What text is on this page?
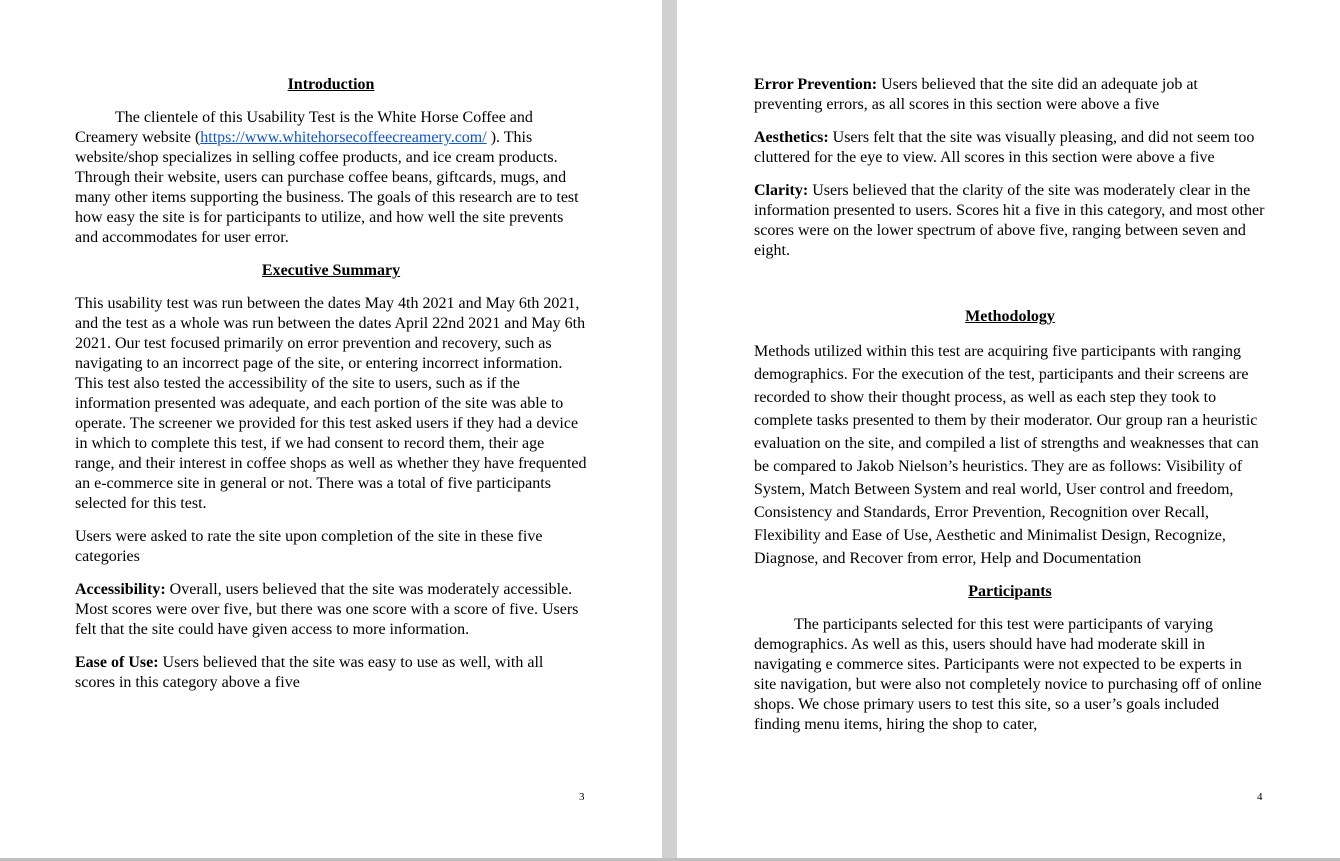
Introduction

The clientele of this Usability Test is the White Horse Coffee and Creamery website (https://www.whitehorsecoffeecreamery.com/ ). This website/shop specializes in selling coffee products, and ice cream products. Through their website, users can purchase coffee beans, giftcards, mugs, and many other items supporting the business. The goals of this research are to test how easy the site is for participants to utilize, and how well the site prevents and accommodates for user error.

Executive Summary

This usability test was run between the dates May 4th 2021 and May 6th 2021, and the test as a whole was run between the dates April 22nd 2021 and May 6th 2021. Our test focused primarily on error prevention and recovery, such as navigating to an incorrect page of the site, or entering incorrect information. This test also tested the accessibility of the site to users, such as if the information presented was adequate, and each portion of the site was able to operate. The screener we provided for this test asked users if they had a device in which to complete this test, if we had consent to record them, their age range, and their interest in coffee shops as well as whether they have frequented an e-commerce site in general or not. There was a total of five participants selected for this test.

Users were asked to rate the site upon completion of the site in these five categories

Accessibility: Overall, users believed that the site was moderately accessible. Most scores were over five, but there was one score with a score of five. Users felt that the site could have given access to more information.

Ease of Use: Users believed that the site was easy to use as well, with all scores in this category above a five

3

Error Prevention: Users believed that the site did an adequate job at preventing errors, as all scores in this section were above a five

Aesthetics: Users felt that the site was visually pleasing, and did not seem too cluttered for the eye to view. All scores in this section were above a five

Clarity: Users believed that the clarity of the site was moderately clear in the information presented to users. Scores hit a five in this category, and most other scores were on the lower spectrum of above five, ranging between seven and eight.

Methodology

Methods utilized within this test are acquiring five participants with ranging demographics. For the execution of the test, participants and their screens are recorded to show their thought process, as well as each step they took to complete tasks presented to them by their moderator. Our group ran a heuristic evaluation on the site, and compiled a list of strengths and weaknesses that can be compared to Jakob Nielson’s heuristics. They are as follows: Visibility of System, Match Between System and real world, User control and freedom, Consistency and Standards, Error Prevention, Recognition over Recall, Flexibility and Ease of Use, Aesthetic and Minimalist Design, Recognize, Diagnose, and Recover from error, Help and Documentation

Participants

The participants selected for this test were participants of varying demographics. As well as this, users should have had moderate skill in navigating e commerce sites. Participants were not expected to be experts in site navigation, but were also not completely novice to purchasing off of online shops. We chose primary users to test this site, so a user’s goals included finding menu items, hiring the shop to cater,

4
